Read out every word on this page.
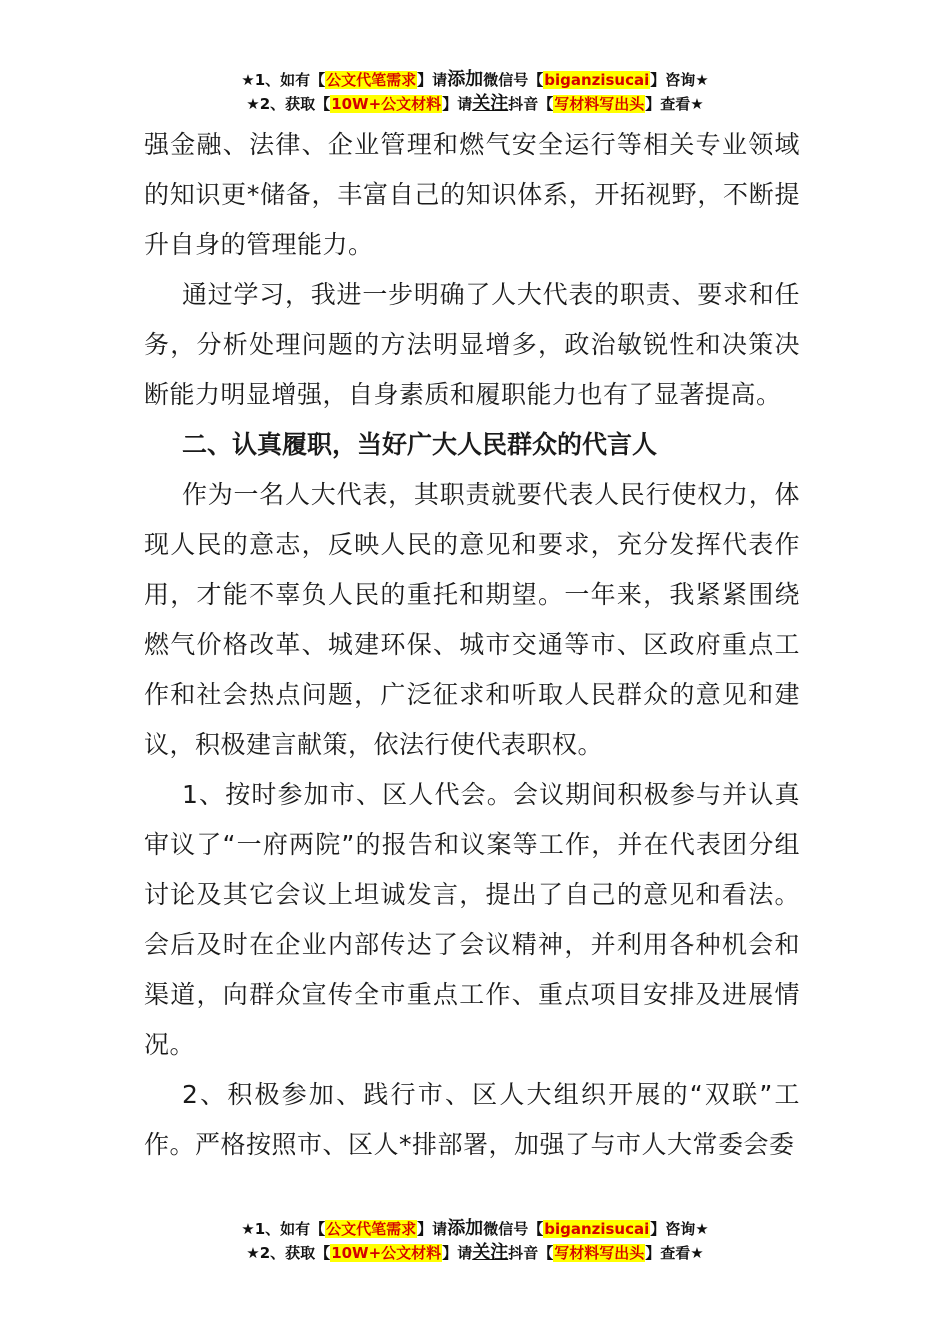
★1、如有【公文代笔需求】请添加微信号【biganzisucai】咨询★
★2、获取【10W+公文材料】请关注抖音【写材料写出头】查看★

强金融、法律、企业管理和燃气安全运行等相关专业领域的知识更*储备，丰富自己的知识体系，开拓视野，不断提升自身的管理能力。

通过学习，我进一步明确了人大代表的职责、要求和任务，分析处理问题的方法明显增多，政治敏锐性和决策决断能力明显增强，自身素质和履职能力也有了显著提高。

二、认真履职，当好广大人民群众的代言人

作为一名人大代表，其职责就要代表人民行使权力，体现人民的意志，反映人民的意见和要求，充分发挥代表作用，才能不辜负人民的重托和期望。一年来，我紧紧围绕燃气价格改革、城建环保、城市交通等市、区政府重点工作和社会热点问题，广泛征求和听取人民群众的意见和建议，积极建言献策，依法行使代表职权。

1、按时参加市、区人代会。会议期间积极参与并认真审议了“一府两院”的报告和议案等工作，并在代表团分组讨论及其它会议上坦诚发言，提出了自己的意见和看法。会后及时在企业内部传达了会议精神，并利用各种机会和渠道，向群众宣传全市重点工作、重点项目安排及进展情况。

2、积极参加、践行市、区人大组织开展的“双联”工作。严格按照市、区人*排部署，加强了与市人大常委会委

★1、如有【公文代笔需求】请添加微信号【biganzisucai】咨询★
★2、获取【10W+公文材料】请关注抖音【写材料写出头】查看★
